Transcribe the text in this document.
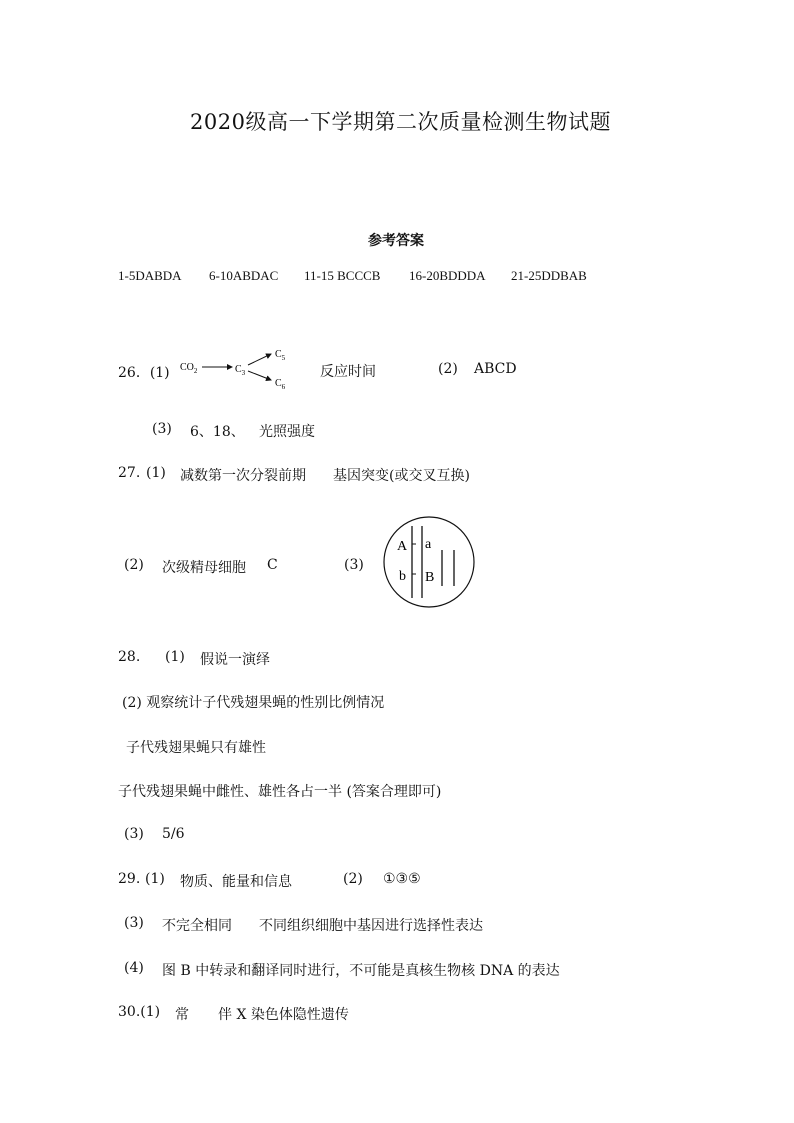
2020级高一下学期第二次质量检测生物试题
参考答案
1-5DABDA 6-10ABDAC 11-15 BCCCB 16-20BDDDA 21-25DDBAB
26．(1) $CO_2$	$C_3$
$C_5$
$C_6$
反应时间	(2) ABCD
(3) 6、18、 光照强度
27. (1) 减数第一次分裂前期 基因突变(或交叉互换)
(2) 次级精母细胞 C	(3)
A a
b B
28. (1) 假说一演绎
(2) 观察统计子代残翅果蝇的性别比例情况
子代残翅果蝇只有雄性
子代残翅果蝇中雌性、雄性各占一半 (答案合理即可)
(3) 5/6
29. (1) 物质、能量和信息	(2) ①③⑤
(3) 不完全相同 不同组织细胞中基因进行选择性表达
(4) 图 B 中转录和翻译同时进行，不可能是真核生物核 DNA 的表达
30.(1) 常 伴 X 染色体隐性遗传
